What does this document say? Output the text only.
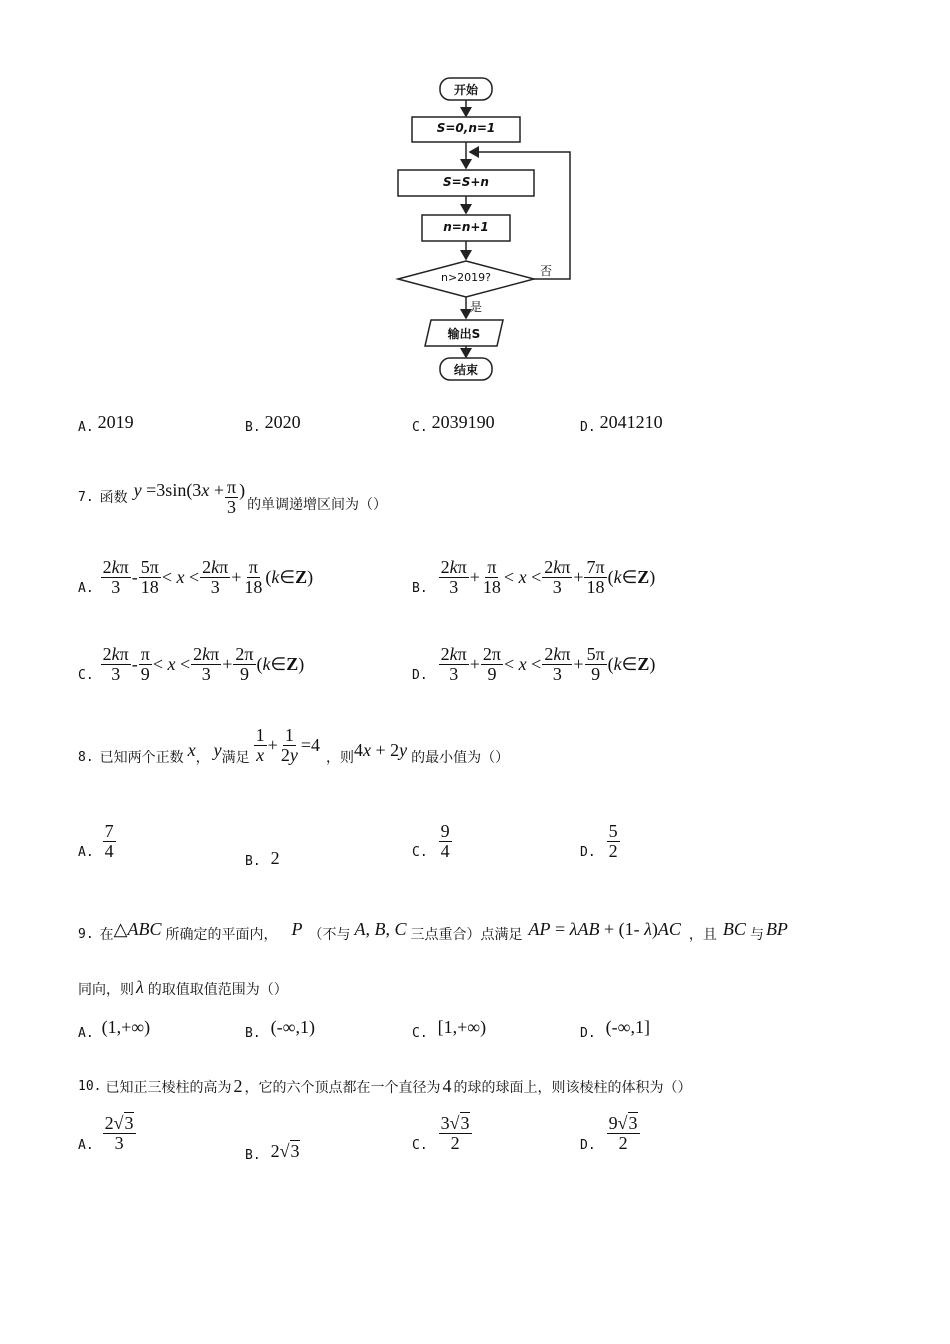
开始
S=0,n=1
S=S+n
n=n+1
n>2019?	否
是
输出S
结束
A. 2019	B. 2020	C. 2039190	D. 2041210
7. 函数 $y =3\sin(3x + \frac{\pi}{3}$ )
的单调递增区间为（）
A. $\frac{2k\pi}{3} - \frac{5\pi}{18} < x < \frac{2k\pi}{3} + \frac{\pi}{18}$ (k∈Z)
B. $\frac{2k\pi}{3} + \frac{\pi}{18} < x < \frac{2k\pi}{3} + \frac{7\pi}{18}$ (k∈Z)
C. $\frac{2k\pi}{3} - \frac{\pi}{9} < x < \frac{2k\pi}{3} + \frac{2\pi}{9}$ (k∈Z)
D. $\frac{2k\pi}{3} + \frac{2\pi}{9} < x < \frac{2k\pi}{3} + \frac{5\pi}{9}$ (k∈Z)
8. 已知两个正数 x ， y 满足 $\frac{1}{x} + \frac{1}{2y} =4$
，则 4x + 2y 的最小值为（）
A. $\frac{7}{4}$
B. 2	C. $\frac{9}{4}$	D. $\frac{5}{2}$
9. 在 △ABC 所确定的平面内， P （不与 A, B, C 三点重合）点满足 AP = λAB + (1- λ)AC ，且 BC 与 BP
同向，则 λ 的取值取值范围为（）
A. (1,+∞)	B. (-∞,1)	C. [1,+∞)	D. (-∞,1]
10. 已知正三棱柱的高为 2 ，它的六个顶点都在一个直径为 4 的球的球面上，则该棱柱的体积为（）
A. $\frac{2√3}{3}$
B. 2√3	C. $\frac{3√3}{2}$	D. $\frac{9√3}{2}$
